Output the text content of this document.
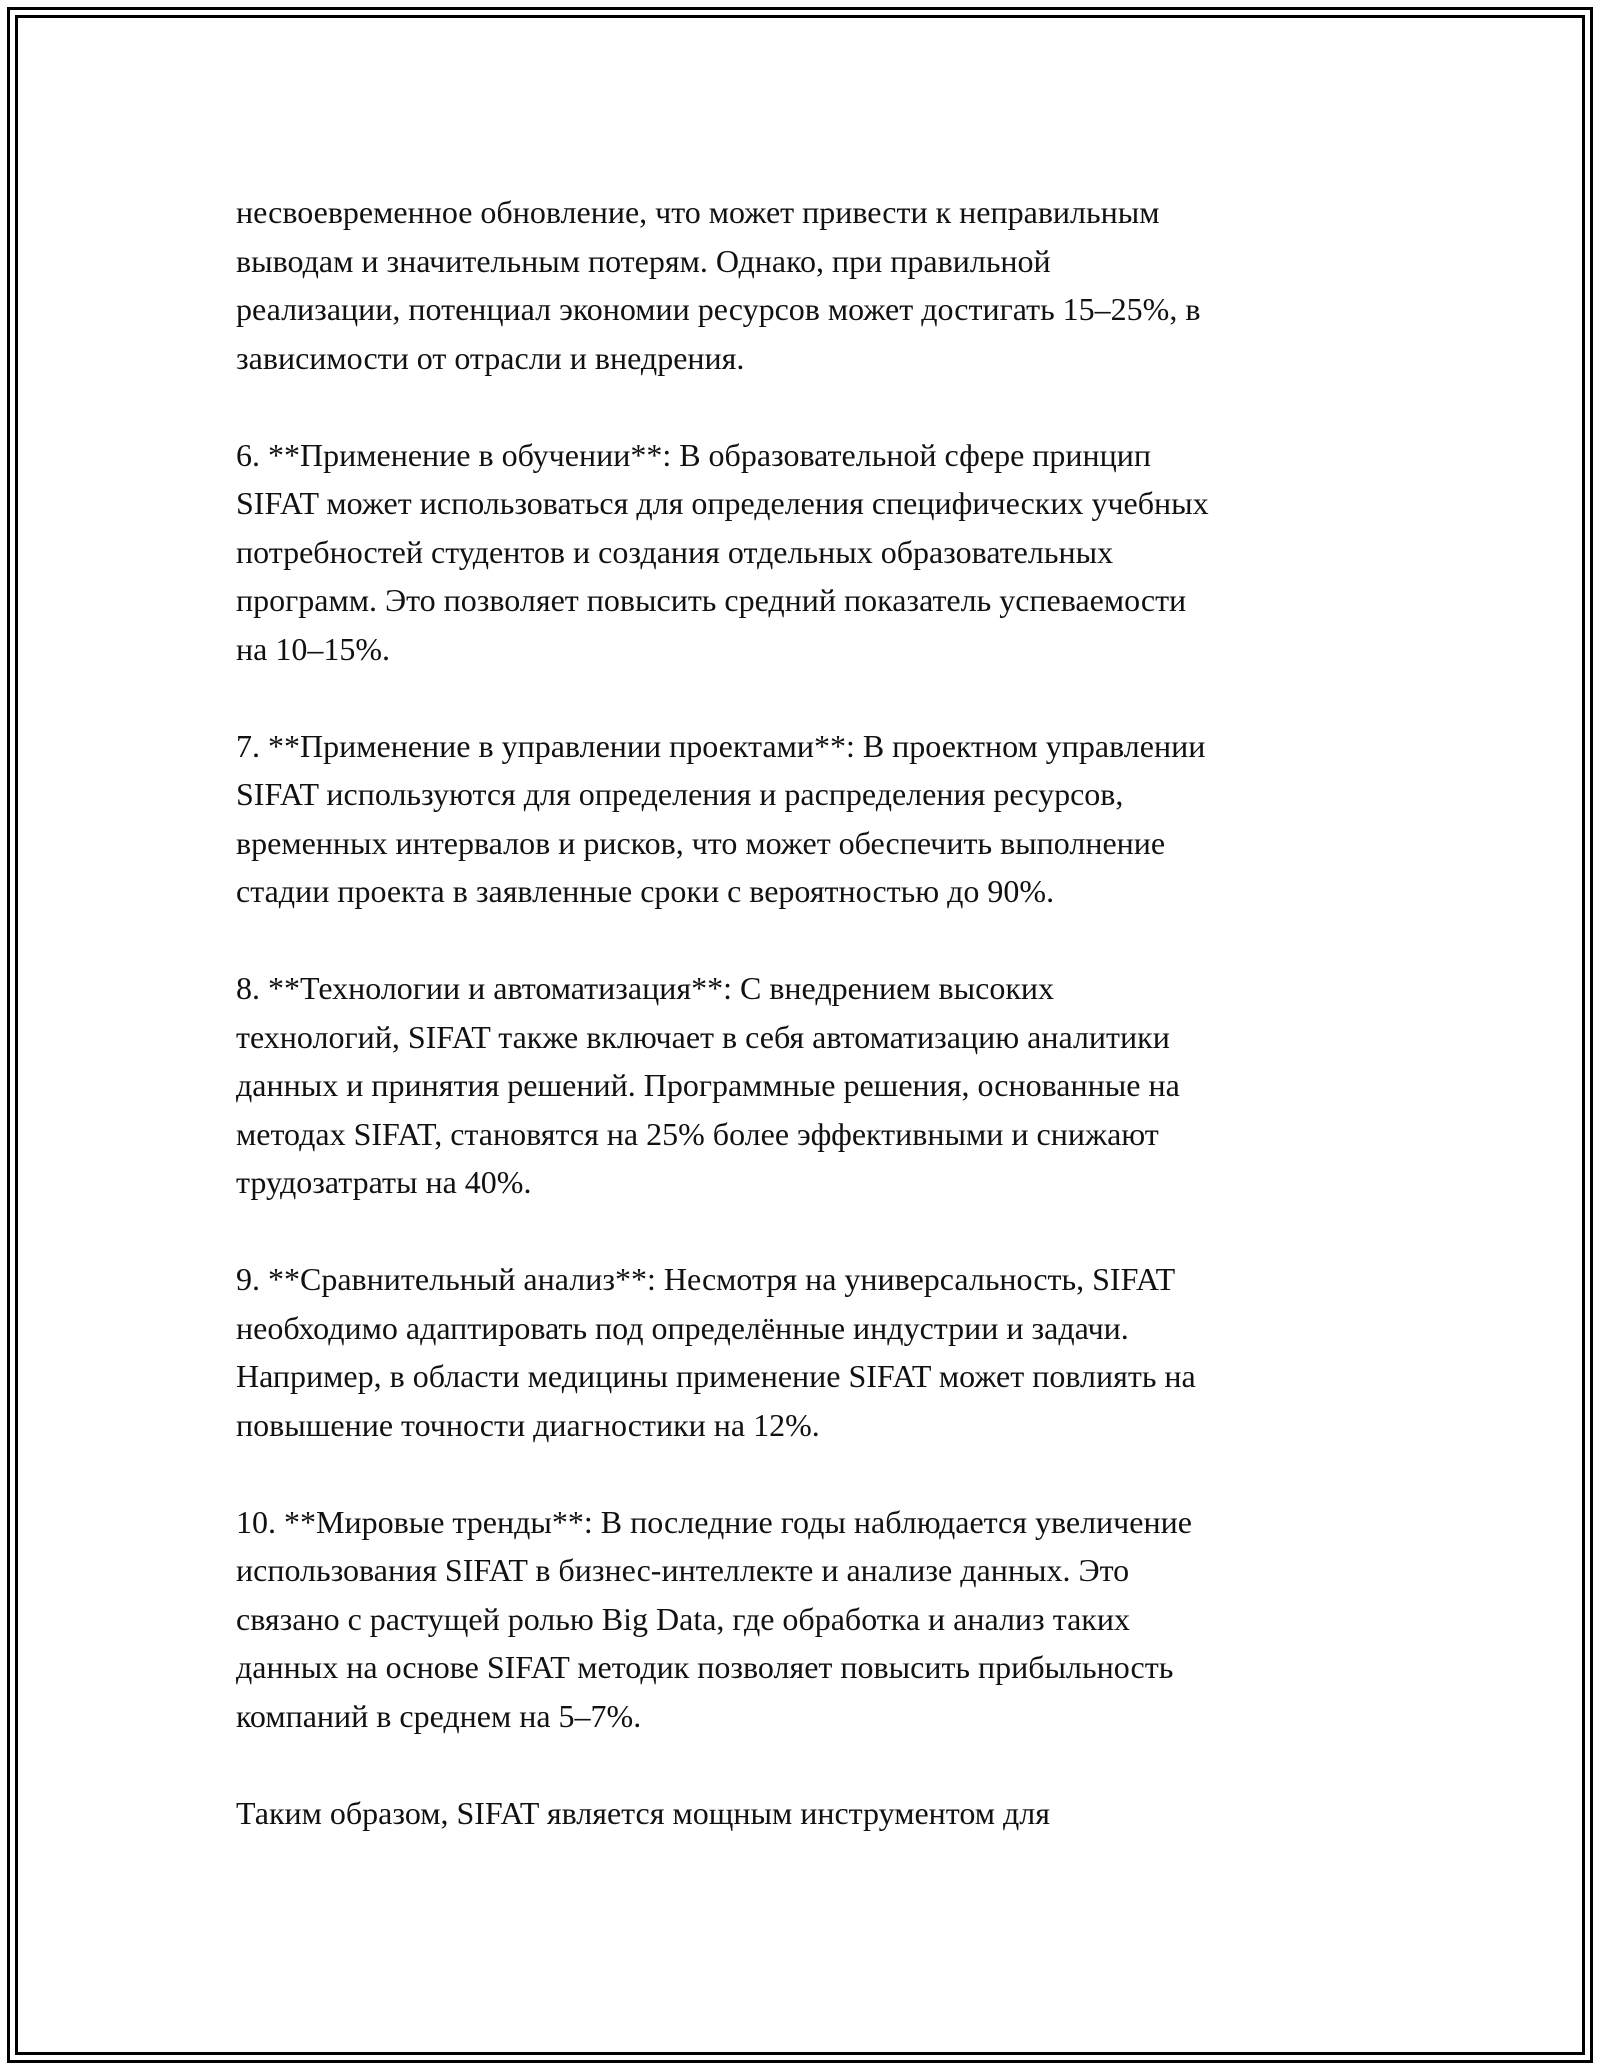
несвоевременное обновление, что может привести к неправильным
выводам и значительным потерям. Однако, при правильной
реализации, потенциал экономии ресурсов может достигать 15–25%, в
зависимости от отрасли и внедрения.

6. **Применение в обучении**: В образовательной сфере принцип
SIFAT может использоваться для определения специфических учебных
потребностей студентов и создания отдельных образовательных
программ. Это позволяет повысить средний показатель успеваемости
на 10–15%.

7. **Применение в управлении проектами**: В проектном управлении
SIFAT используются для определения и распределения ресурсов,
временных интервалов и рисков, что может обеспечить выполнение
стадии проекта в заявленные сроки с вероятностью до 90%.

8. **Технологии и автоматизация**: С внедрением высоких
технологий, SIFAT также включает в себя автоматизацию аналитики
данных и принятия решений. Программные решения, основанные на
методах SIFAT, становятся на 25% более эффективными и снижают
трудозатраты на 40%.

9. **Сравнительный анализ**: Несмотря на универсальность, SIFAT
необходимо адаптировать под определённые индустрии и задачи.
Например, в области медицины применение SIFAT может повлиять на
повышение точности диагностики на 12%.

10. **Мировые тренды**: В последние годы наблюдается увеличение
использования SIFAT в бизнес-интеллекте и анализе данных. Это
связано с растущей ролью Big Data, где обработка и анализ таких
данных на основе SIFAT методик позволяет повысить прибыльность
компаний в среднем на 5–7%.

Таким образом, SIFAT является мощным инструментом для
